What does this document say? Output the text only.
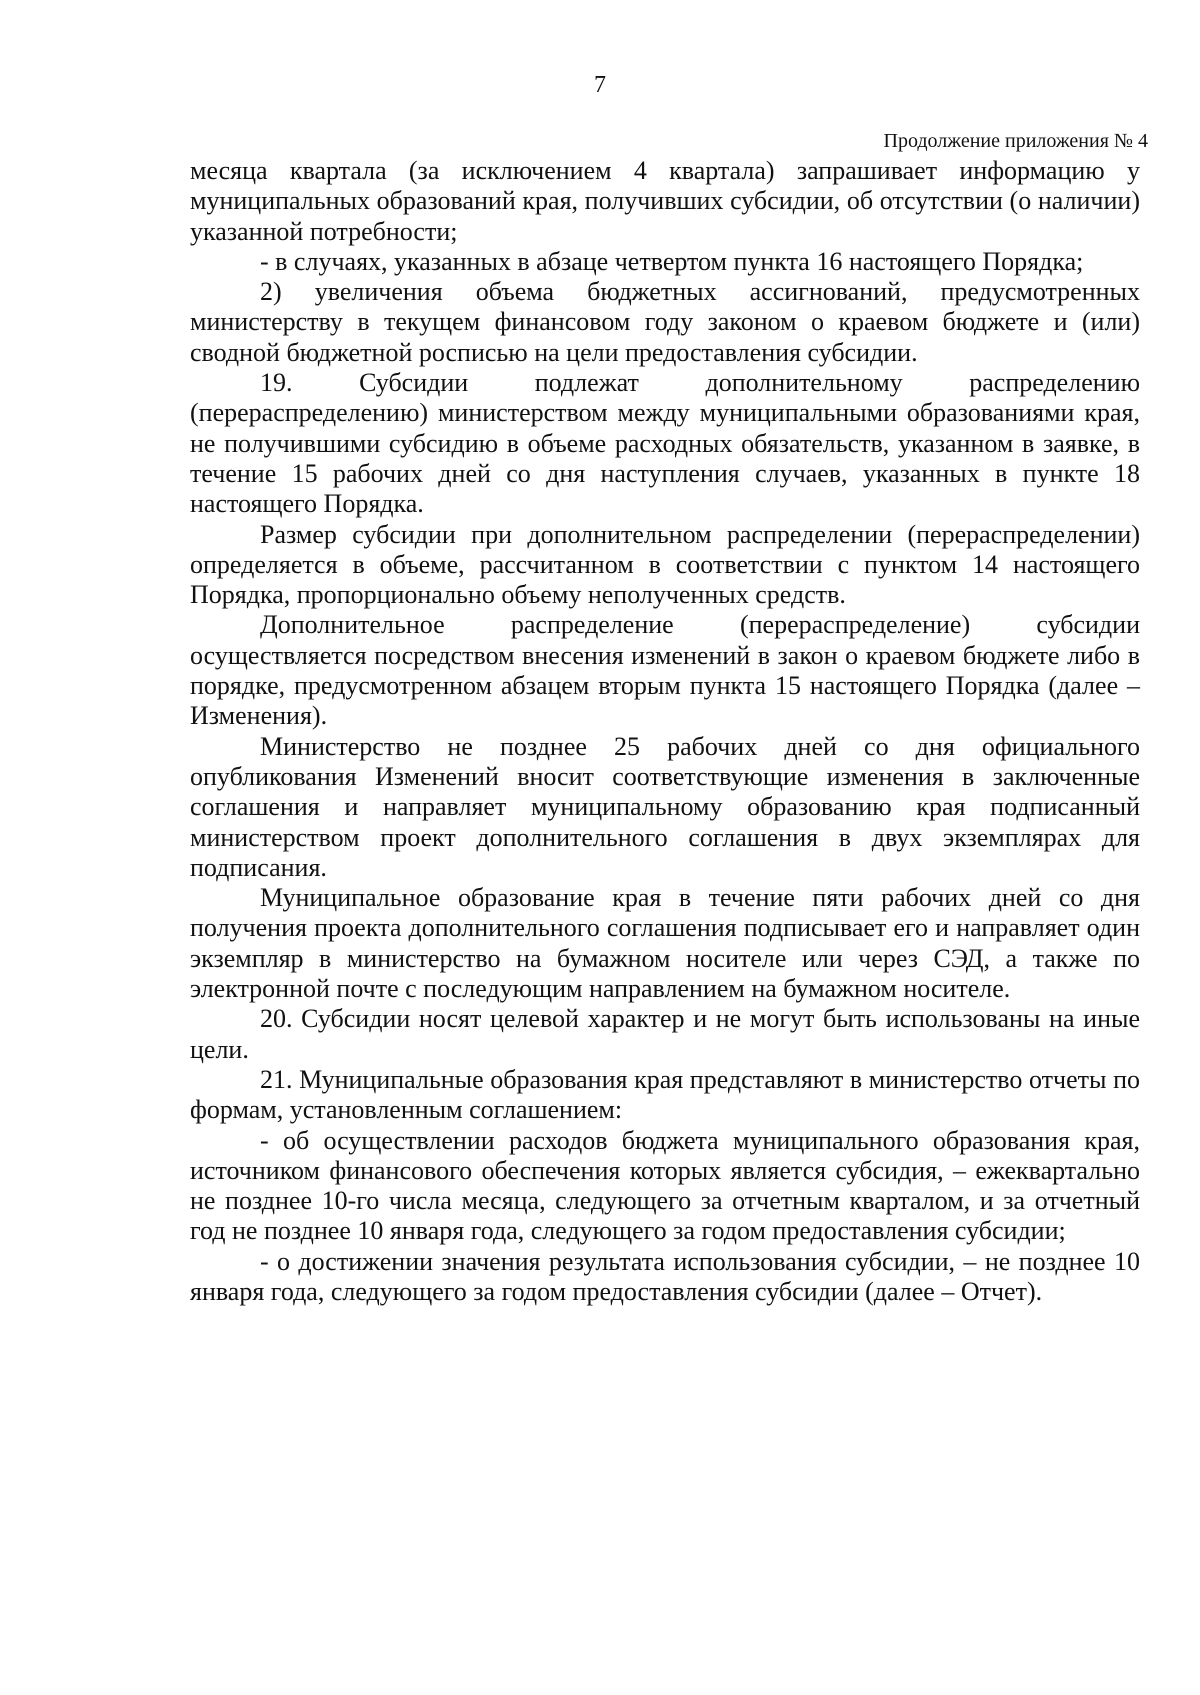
7
Продолжение приложения № 4

месяца квартала (за исключением 4 квартала) запрашивает информацию у муниципальных образований края, получивших субсидии, об отсутствии (о наличии) указанной потребности;

- в случаях, указанных в абзаце четвертом пункта 16 настоящего Порядка;

2) увеличения объема бюджетных ассигнований, предусмотренных министерству в текущем финансовом году законом о краевом бюджете и (или) сводной бюджетной росписью на цели предоставления субсидии.

19. Субсидии подлежат дополнительному распределению (перераспределению) министерством между муниципальными образованиями края, не получившими субсидию в объеме расходных обязательств, указанном в заявке, в течение 15 рабочих дней со дня наступления случаев, указанных в пункте 18 настоящего Порядка.

Размер субсидии при дополнительном распределении (перераспределении) определяется в объеме, рассчитанном в соответствии с пунктом 14 настоящего Порядка, пропорционально объему неполученных средств.

Дополнительное распределение (перераспределение) субсидии осуществляется посредством внесения изменений в закон о краевом бюджете либо в порядке, предусмотренном абзацем вторым пункта 15 настоящего Порядка (далее – Изменения).

Министерство не позднее 25 рабочих дней со дня официального опубликования Изменений вносит соответствующие изменения в заключенные соглашения и направляет муниципальному образованию края подписанный министерством проект дополнительного соглашения в двух экземплярах для подписания.

Муниципальное образование края в течение пяти рабочих дней со дня получения проекта дополнительного соглашения подписывает его и направляет один экземпляр в министерство на бумажном носителе или через СЭД, а также по электронной почте с последующим направлением на бумажном носителе.

20. Субсидии носят целевой характер и не могут быть использованы на иные цели.

21. Муниципальные образования края представляют в министерство отчеты по формам, установленным соглашением:

- об осуществлении расходов бюджета муниципального образования края, источником финансового обеспечения которых является субсидия, – ежеквартально не позднее 10-го числа месяца, следующего за отчетным кварталом, и за отчетный год не позднее 10 января года, следующего за годом предоставления субсидии;

- о достижении значения результата использования субсидии, – не позднее 10 января года, следующего за годом предоставления субсидии (далее – Отчет).
